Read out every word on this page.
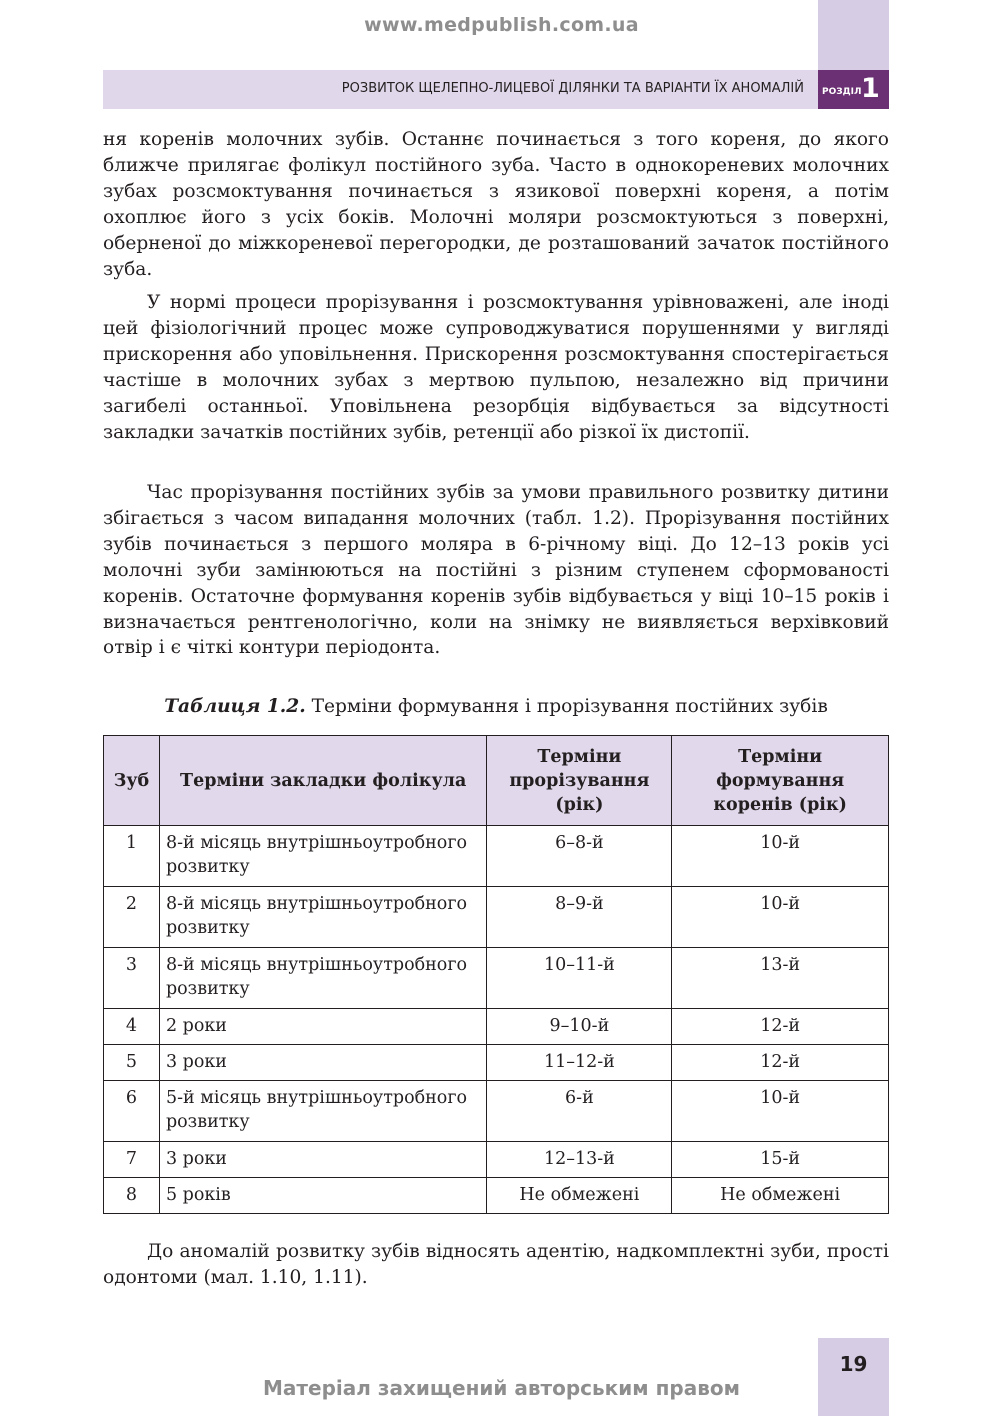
www.medpublish.com.ua
РОЗВИТОК ЩЕЛЕПНО-ЛИЦЕВОЇ ДІЛЯНКИ ТА ВАРІАНТИ ЇХ АНОМАЛІЙ РОЗДІЛ 1

ня коренів молочних зубів. Останнє починається з того кореня, до якого ближче прилягає фолікул постійного зуба. Часто в однокореневих молочних зубах розсмоктування починається з язикової поверхні кореня, а потім охоплює його з усіх боків. Молочні моляри розсмоктуються з поверхні, оберненої до міжкореневої перегородки, де розташований зачаток постійного зуба.

У нормі процеси прорізування і розсмоктування урівноважені, але іноді цей фізіологічний процес може супроводжуватися порушеннями у вигляді прискорення або уповільнення. Прискорення розсмоктування спостерігається частіше в молочних зубах з мертвою пульпою, незалежно від причини загибелі останньої. Уповільнена резорбція відбувається за відсутності закладки зачатків постійних зубів, ретенції або різкої їх дистопії.

Час прорізування постійних зубів за умови правильного розвитку дитини збігається з часом випадання молочних (табл. 1.2). Прорізування постійних зубів починається з першого моляра в 6-річному віці. До 12–13 років усі молочні зуби замінюються на постійні з різним ступенем сформованості коренів. Остаточне формування коренів зубів відбувається у віці 10–15 років і визначається рентгенологічно, коли на знімку не виявляється верхівковий отвір і є чіткі контури періодонта.

Таблиця 1.2. Терміни формування і прорізування постійних зубів
Зуб	Терміни закладки фолікула	Терміни прорізування (рік)	Терміни формування коренів (рік)
1	8-й місяць внутрішньоутробного розвитку	6–8-й	10-й
2	8-й місяць внутрішньоутробного розвитку	8–9-й	10-й
3	8-й місяць внутрішньоутробного розвитку	10–11-й	13-й
4	2 роки	9–10-й	12-й
5	3 роки	11–12-й	12-й
6	5-й місяць внутрішньоутробного розвитку	6-й	10-й
7	3 роки	12–13-й	15-й
8	5 років	Не обмежені	Не обмежені

До аномалій розвитку зубів відносять адентію, надкомплектні зуби, прості одонтоми (мал. 1.10, 1.11).

19
Матеріал захищений авторським правом
